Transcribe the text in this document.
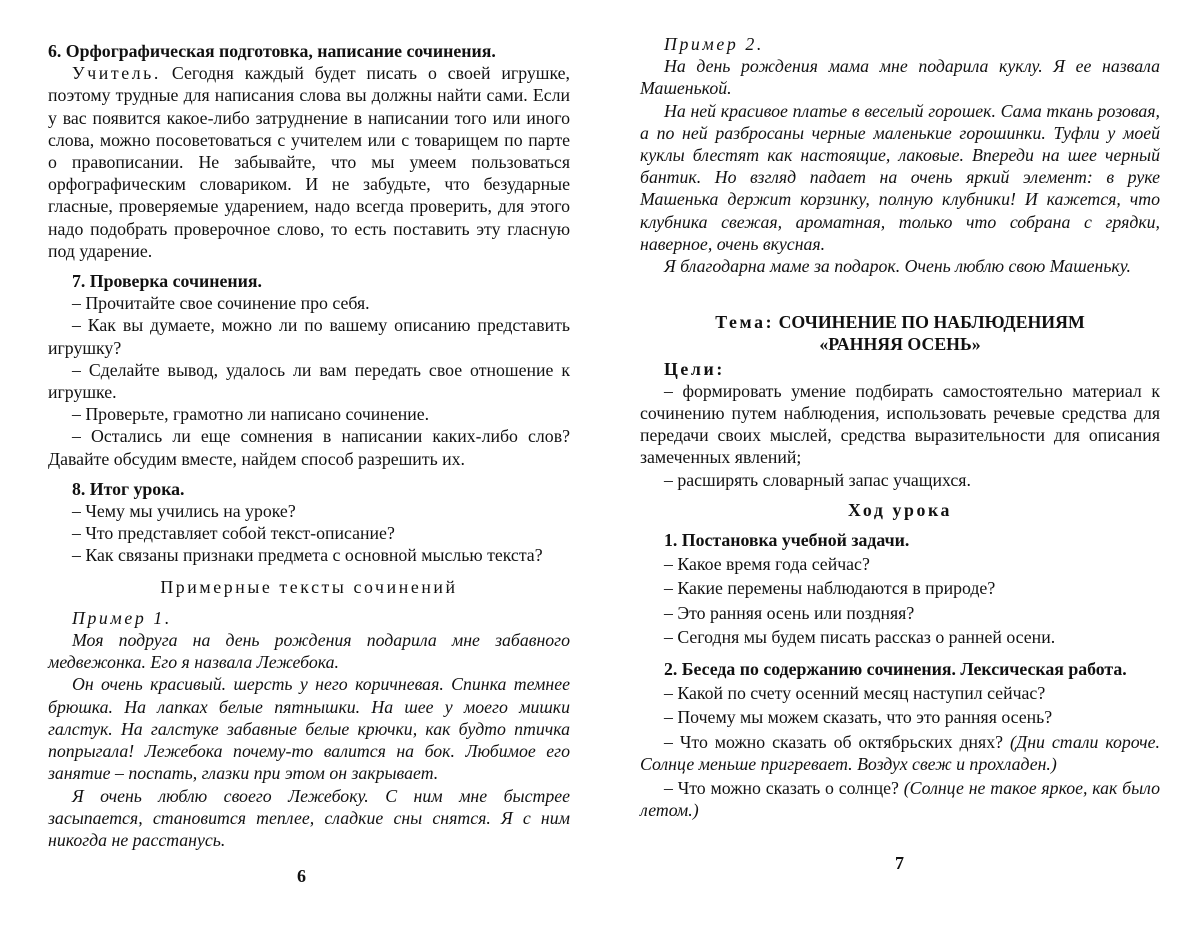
6. Орфографическая подготовка, написание сочинения.

Учитель. Сегодня каждый будет писать о своей игрушке, поэтому трудные для написания слова вы должны найти сами. Если у вас появится какое-либо затруднение в написании того или иного слова, можно посоветоваться с учителем или с товарищем по парте о правописании. Не забывайте, что мы умеем пользоваться орфографическим словариком. И не забудьте, что безударные гласные, проверяемые ударением, надо всегда проверить, для этого надо подобрать проверочное слово, то есть поставить эту гласную под ударение.

7. Проверка сочинения.

– Прочитайте свое сочинение про себя.

– Как вы думаете, можно ли по вашему описанию представить игрушку?

– Сделайте вывод, удалось ли вам передать свое отношение к игрушке.

– Проверьте, грамотно ли написано сочинение.

– Остались ли еще сомнения в написании каких-либо слов? Давайте обсудим вместе, найдем способ разрешить их.

8. Итог урока.

– Чему мы учились на уроке?

– Что представляет собой текст-описание?

– Как связаны признаки предмета с основной мыслью текста?

Примерные тексты сочинений

Пример 1.

Моя подруга на день рождения подарила мне забавного медвежонка. Его я назвала Лежебока.

Он очень красивый. шерсть у него коричневая. Спинка темнее брюшка. На лапках белые пятнышки. На шее у моего мишки галстук. На галстуке забавные белые крючки, как будто птичка попрыгала! Лежебока почему-то валится на бок. Любимое его занятие – поспать, глазки при этом он закрывает.

Я очень люблю своего Лежебоку. С ним мне быстрее засыпается, становится теплее, сладкие сны снятся. Я с ним никогда не расстанусь.

6

Пример 2.

На день рождения мама мне подарила куклу. Я ее назвала Машенькой.

На ней красивое платье в веселый горошек. Сама ткань розовая, а по ней разбросаны черные маленькие горошинки. Туфли у моей куклы блестят как настоящие, лаковые. Впереди на шее черный бантик. Но взгляд падает на очень яркий элемент: в руке Машенька держит корзинку, полную клубники! И кажется, что клубника свежая, ароматная, только что собрана с грядки, наверное, очень вкусная.

Я благодарна маме за подарок. Очень люблю свою Машеньку.

Тема: СОЧИНЕНИЕ ПО НАБЛЮДЕНИЯМ

«РАННЯЯ ОСЕНЬ»

Цели:

– формировать умение подбирать самостоятельно материал к сочинению путем наблюдения, использовать речевые средства для передачи своих мыслей, средства выразительности для описания замеченных явлений;

– расширять словарный запас учащихся.

Ход урока

1. Постановка учебной задачи.

– Какое время года сейчас?

– Какие перемены наблюдаются в природе?

– Это ранняя осень или поздняя?

– Сегодня мы будем писать рассказ о ранней осени.

2. Беседа по содержанию сочинения. Лексическая работа.

– Какой по счету осенний месяц наступил сейчас?

– Почему мы можем сказать, что это ранняя осень?

– Что можно сказать об октябрьских днях? (Дни стали короче. Солнце меньше пригревает. Воздух свеж и прохладен.)

– Что можно сказать о солнце? (Солнце не такое яркое, как было летом.)

7
